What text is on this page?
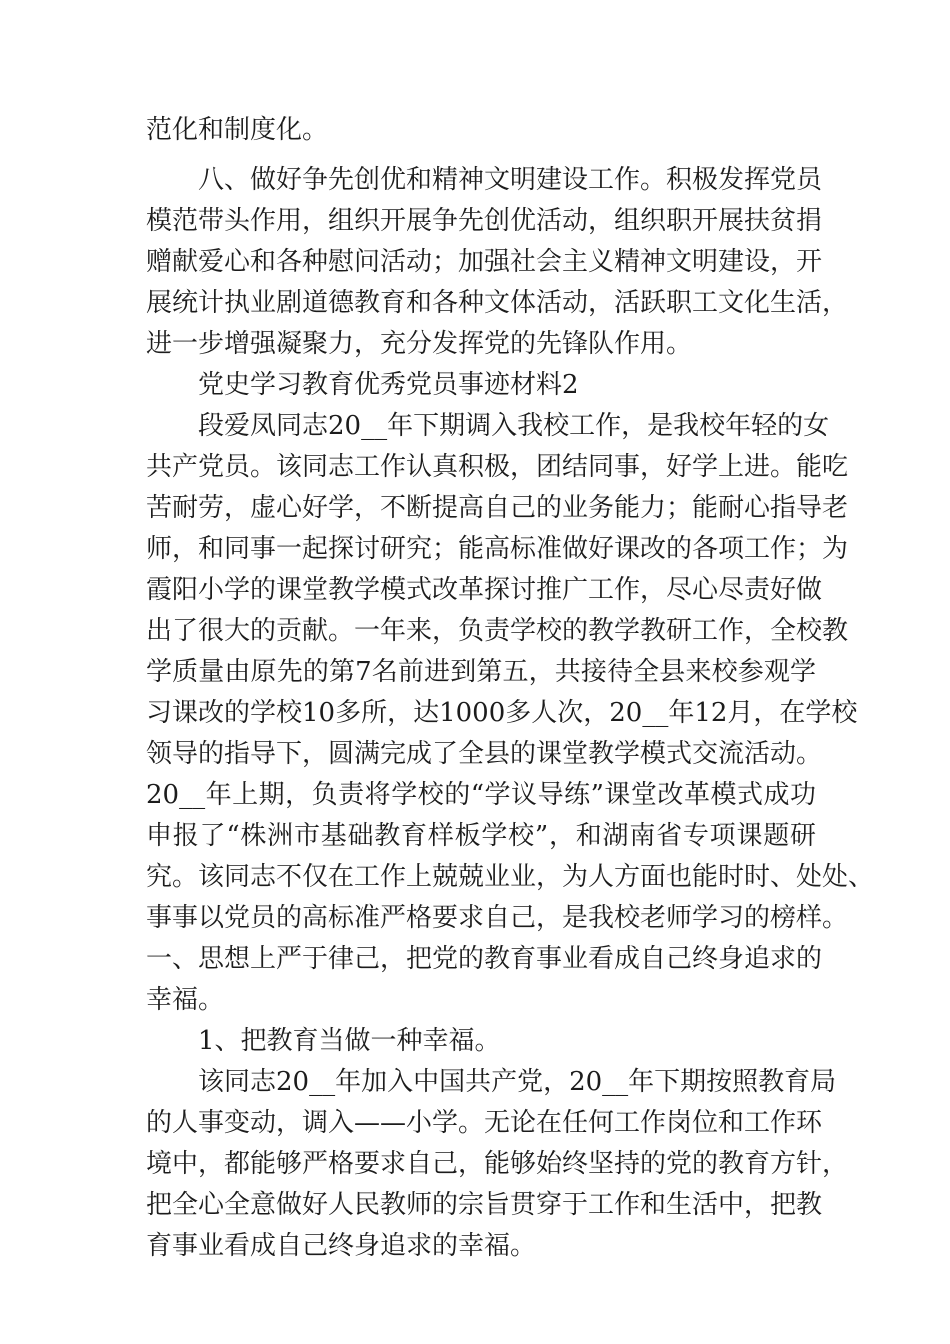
范化和制度化。
八、做好争先创优和精神文明建设工作。积极发挥党员
模范带头作用，组织开展争先创优活动，组织职开展扶贫捐
赠献爱心和各种慰问活动；加强社会主义精神文明建设，开
展统计执业剧道德教育和各种文体活动，活跃职工文化生活，
进一步增强凝聚力，充分发挥党的先锋队作用。
党史学习教育优秀党员事迹材料2
段爱凤同志20__年下期调入我校工作，是我校年轻的女
共产党员。该同志工作认真积极，团结同事，好学上进。能吃
苦耐劳，虚心好学，不断提高自己的业务能力；能耐心指导老
师，和同事一起探讨研究；能高标准做好课改的各项工作；为
霞阳小学的课堂教学模式改革探讨推广工作，尽心尽责好做
出了很大的贡献。一年来，负责学校的教学教研工作，全校教
学质量由原先的第7名前进到第五，共接待全县来校参观学
习课改的学校10多所，达1000多人次，20__年12月，在学校
领导的指导下，圆满完成了全县的课堂教学模式交流活动。
20__年上期，负责将学校的“学议导练”课堂改革模式成功
申报了“株洲市基础教育样板学校”，和湖南省专项课题研
究。该同志不仅在工作上兢兢业业，为人方面也能时时、处处、
事事以党员的高标准严格要求自己，是我校老师学习的榜样。
一、思想上严于律己，把党的教育事业看成自己终身追求的
幸福。
1、把教育当做一种幸福。
该同志20__年加入中国共产党，20__年下期按照教育局
的人事变动，调入——小学。无论在任何工作岗位和工作环
境中，都能够严格要求自己，能够始终坚持的党的教育方针，
把全心全意做好人民教师的宗旨贯穿于工作和生活中，把教
育事业看成自己终身追求的幸福。
